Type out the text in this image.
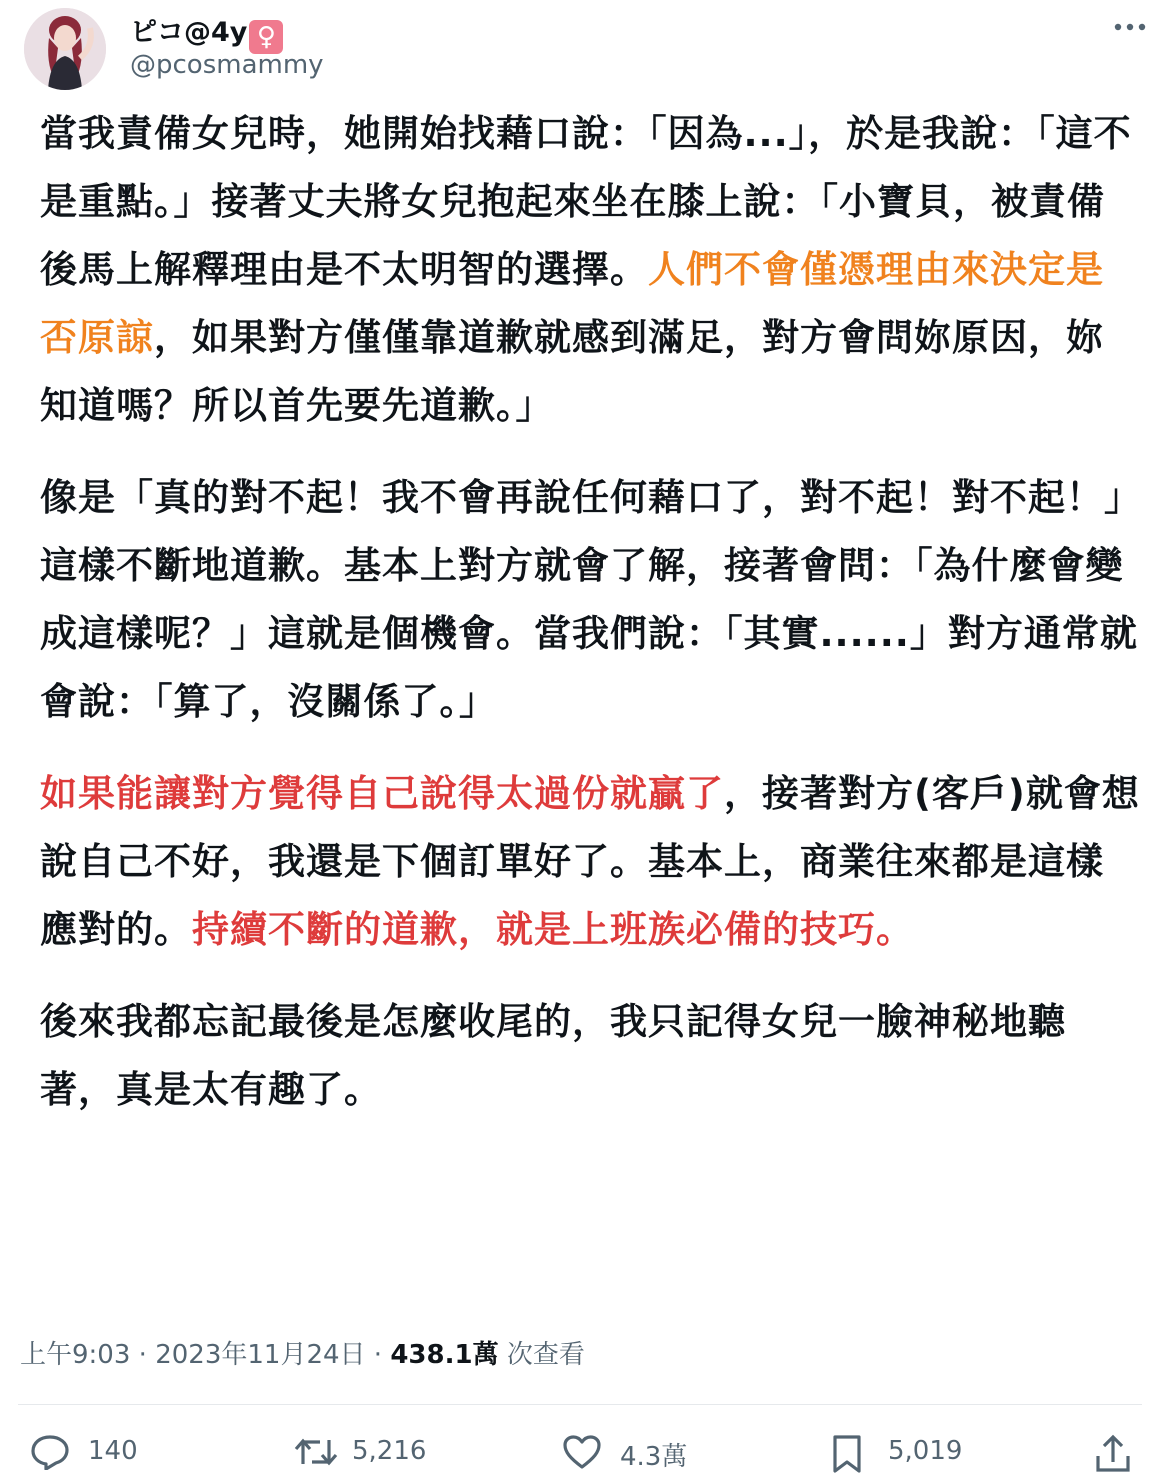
ピコ@4y ♀
@pcosmammy

當我責備女兒時，她開始找藉口說：「因為...」，於是我說：「這不是重點。」接著丈夫將女兒抱起來坐在膝上說：「小寶貝，被責備後馬上解釋理由是不太明智的選擇。人們不會僅憑理由來決定是否原諒，如果對方僅僅靠道歉就感到滿足，對方會問妳原因，妳知道嗎？所以首先要先道歉。」

像是「真的對不起！我不會再說任何藉口了，對不起！對不起！」這樣不斷地道歉。基本上對方就會了解，接著會問：「為什麼會變成這樣呢？」這就是個機會。當我們說：「其實......」對方通常就會說：「算了，沒關係了。」

如果能讓對方覺得自己說得太過份就贏了，接著對方(客戶)就會想說自己不好，我還是下個訂單好了。基本上，商業往來都是這樣應對的。持續不斷的道歉，就是上班族必備的技巧。

後來我都忘記最後是怎麼收尾的，我只記得女兒一臉神秘地聽著，真是太有趣了。

上午9:03 · 2023年11月24日 · 438.1萬 次查看
140	5,216	4.3萬	5,019
